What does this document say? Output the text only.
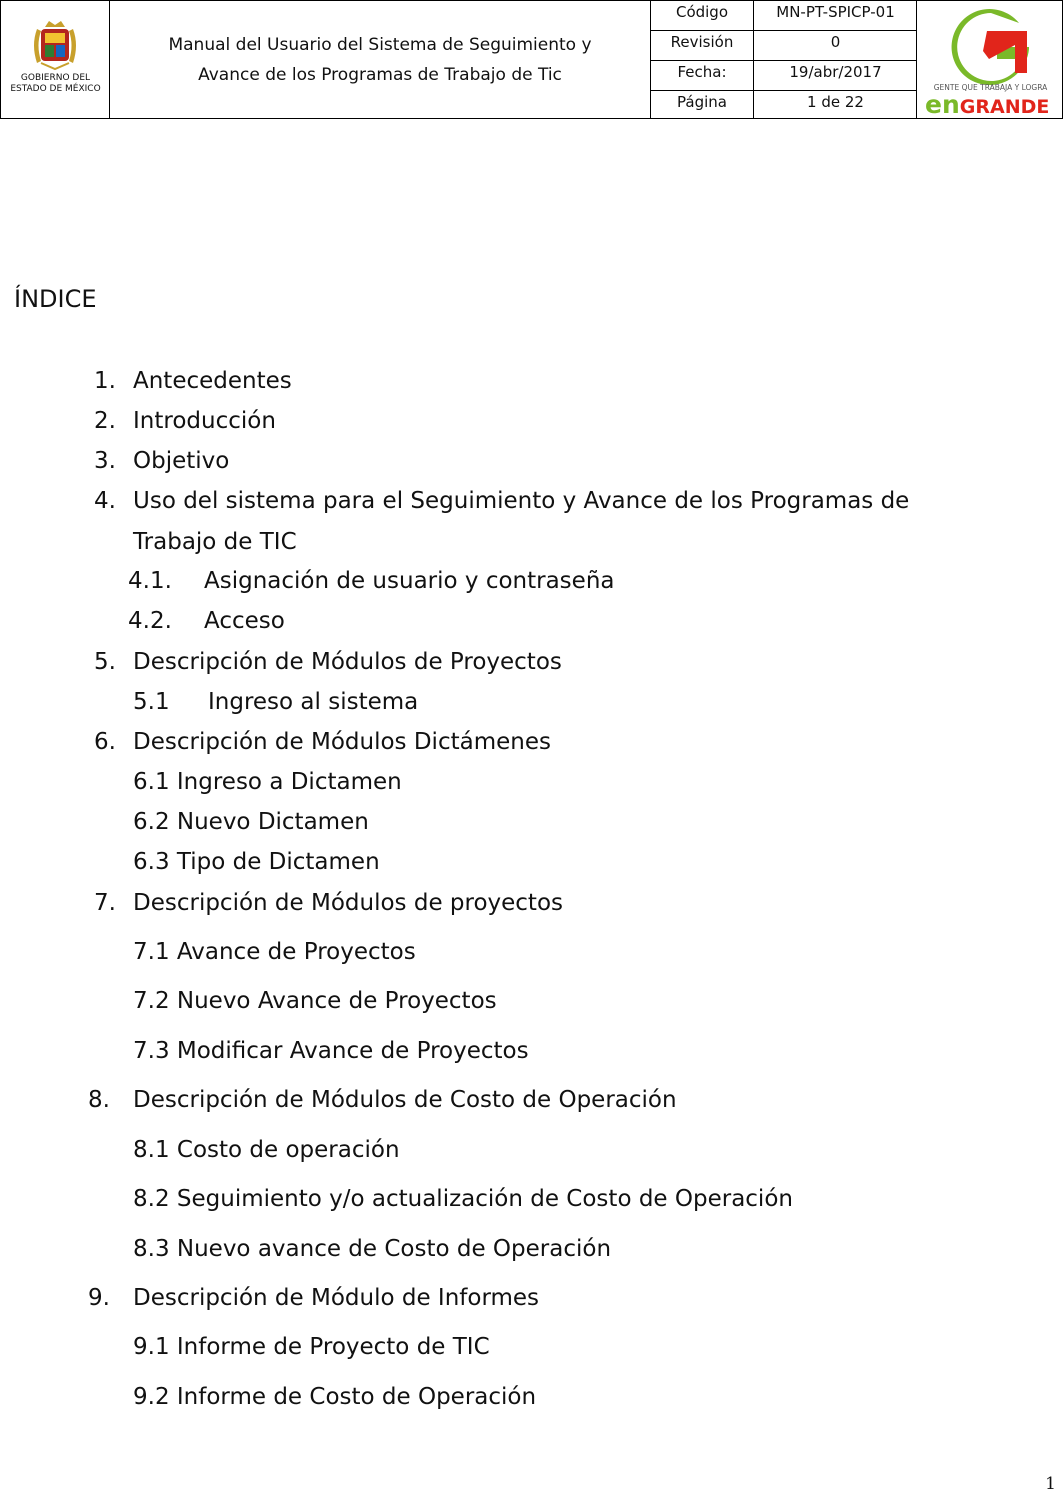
GOBIERNO DEL
ESTADO DE MÉXICO
Manual del Usuario del Sistema de Seguimiento y
Avance de los Programas de Trabajo de Tic
Código	MN-PT-SPICP-01
Revisión	0
Fecha:	19/abr/2017
Página	1 de 22
GENTE QUE TRABAJA Y LOGRA
enGRANDE
ÍNDICE
1. Antecedentes
2. Introducción
3. Objetivo
4. Uso del sistema para el Seguimiento y Avance de los Programas de
Trabajo de TIC
4.1. Asignación de usuario y contraseña
4.2. Acceso
5. Descripción de Módulos de Proyectos
5.1 Ingreso al sistema
6. Descripción de Módulos Dictámenes
6.1 Ingreso a Dictamen
6.2 Nuevo Dictamen
6.3 Tipo de Dictamen
7. Descripción de Módulos de proyectos
7.1 Avance de Proyectos
7.2 Nuevo Avance de Proyectos
7.3 Modificar Avance de Proyectos
8. Descripción de Módulos de Costo de Operación
8.1 Costo de operación
8.2 Seguimiento y/o actualización de Costo de Operación
8.3 Nuevo avance de Costo de Operación
9. Descripción de Módulo de Informes
9.1 Informe de Proyecto de TIC
9.2 Informe de Costo de Operación
1
